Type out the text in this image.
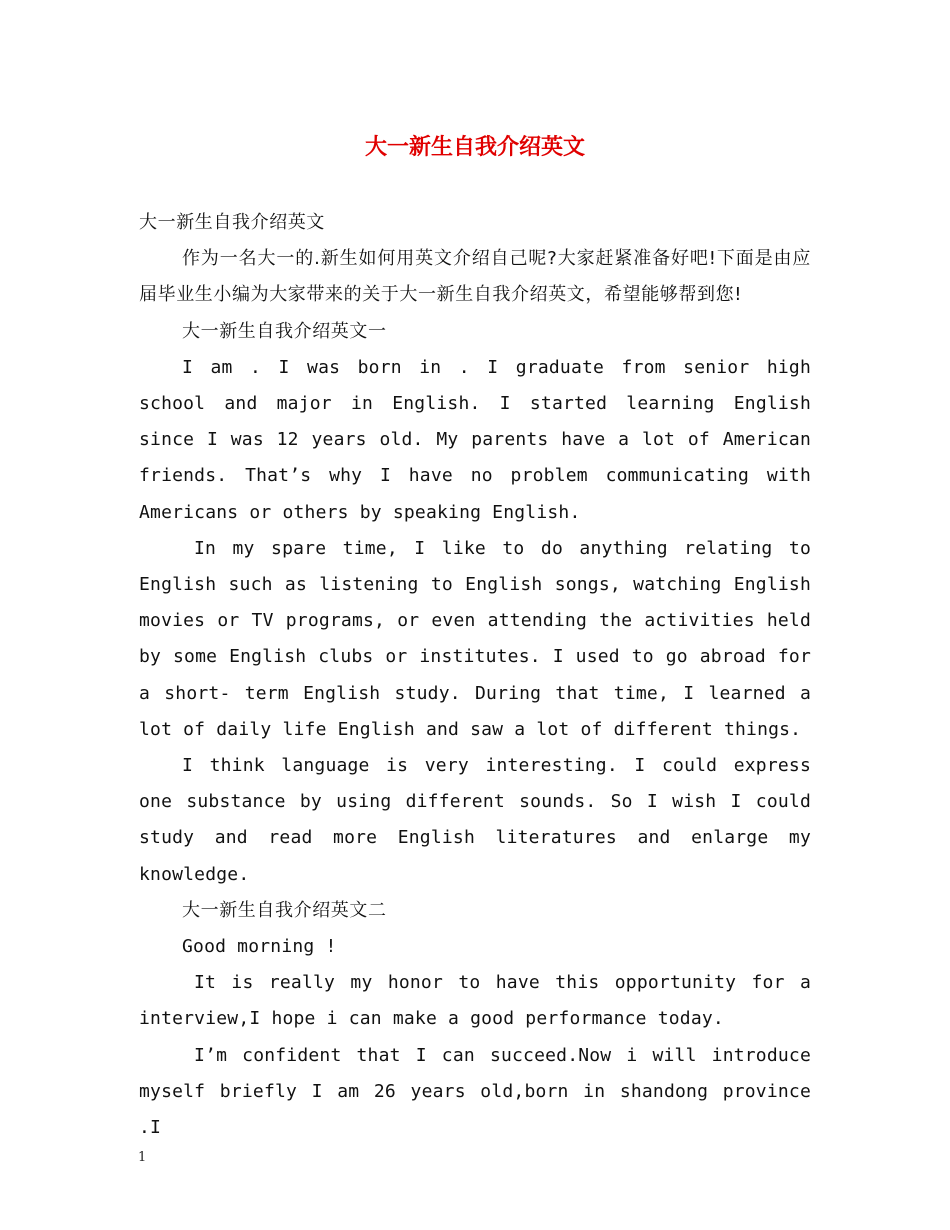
大一新生自我介绍英文

大一新生自我介绍英文

作为一名大一的.新生如何用英文介绍自己呢?大家赶紧准备好吧!下面是由应届毕业生小编为大家带来的关于大一新生自我介绍英文，希望能够帮到您!

大一新生自我介绍英文一

I am . I was born in . I graduate from senior high school and major in English. I started learning English since I was 12 years old. My parents have a lot of American friends. That’s why I have no problem communicating with Americans or others by speaking English.

In my spare time, I like to do anything relating to English such as listening to English songs, watching English movies or TV programs, or even attending the activities held by some English clubs or institutes. I used to go abroad for a short- term English study. During that time, I learned a lot of daily life English and saw a lot of different things.

I think language is very interesting. I could express one substance by using different sounds. So I wish I could study and read more English literatures and enlarge my knowledge.

大一新生自我介绍英文二

Good morning !

It is really my honor to have this opportunity for a interview,I hope i can make a good performance today.

I’m confident that I can succeed.Now i will introduce myself briefly I am 26 years old,born in shandong province .I

1
